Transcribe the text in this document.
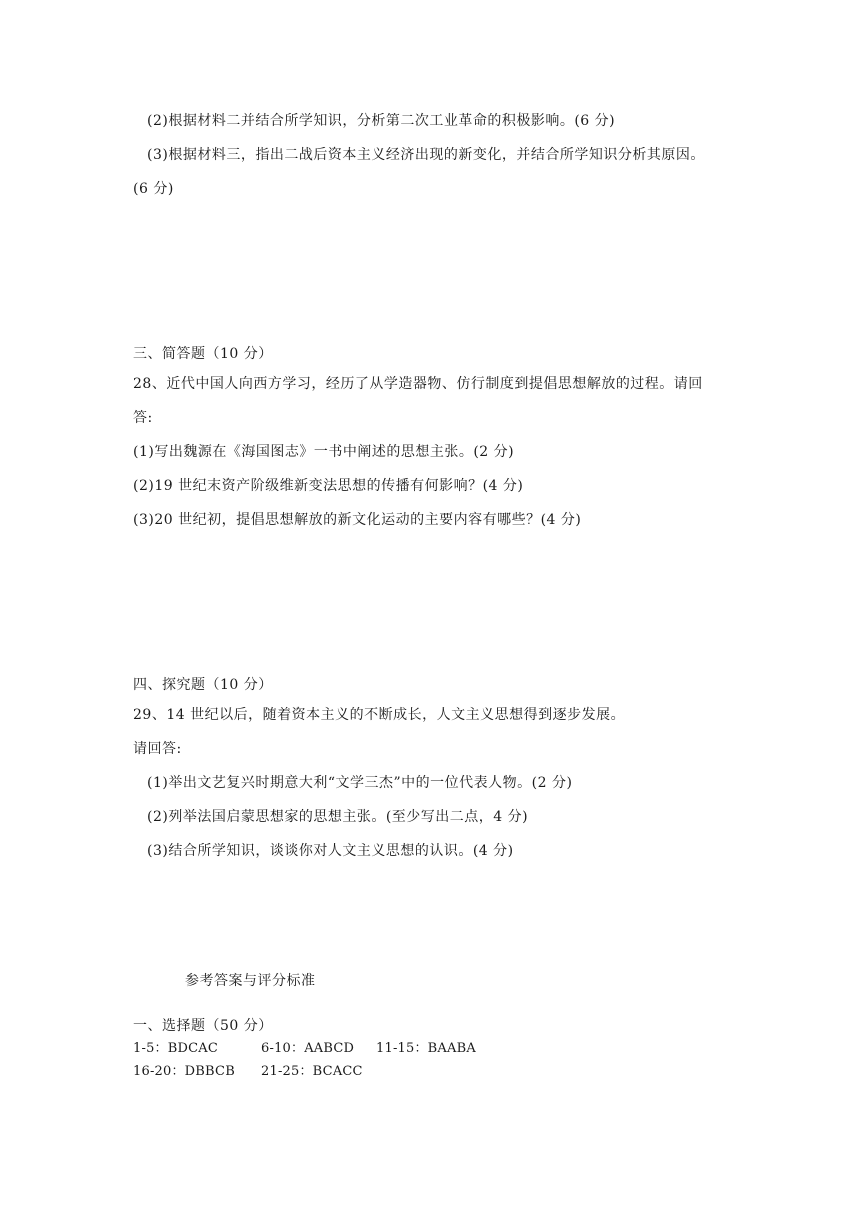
(2)根据材料二并结合所学知识，分析第二次工业革命的积极影响。(6 分)
(3)根据材料三，指出二战后资本主义经济出现的新变化，并结合所学知识分析其原因。
(6 分)
三、简答题（10 分）
28、近代中国人向西方学习，经历了从学造器物、仿行制度到提倡思想解放的过程。请回
答:
(1)写出魏源在《海国图志》一书中阐述的思想主张。(2 分)
(2)19 世纪末资产阶级维新变法思想的传播有何影响？(4 分)
(3)20 世纪初，提倡思想解放的新文化运动的主要内容有哪些？(4 分)
四、探究题（10 分）
29、14 世纪以后，随着资本主义的不断成长，人文主义思想得到逐步发展。
请回答:
(1)举出文艺复兴时期意大利“文学三杰”中的一位代表人物。(2 分)
(2)列举法国启蒙思想家的思想主张。(至少写出二点，4 分)
(3)结合所学知识，谈谈你对人文主义思想的认识。(4 分)
参考答案与评分标准
一、选择题（50 分）
1-5：BDCAC	6-10：AABCD 11-15：BAABA
16-20：DBBCB 21-25：BCACC
